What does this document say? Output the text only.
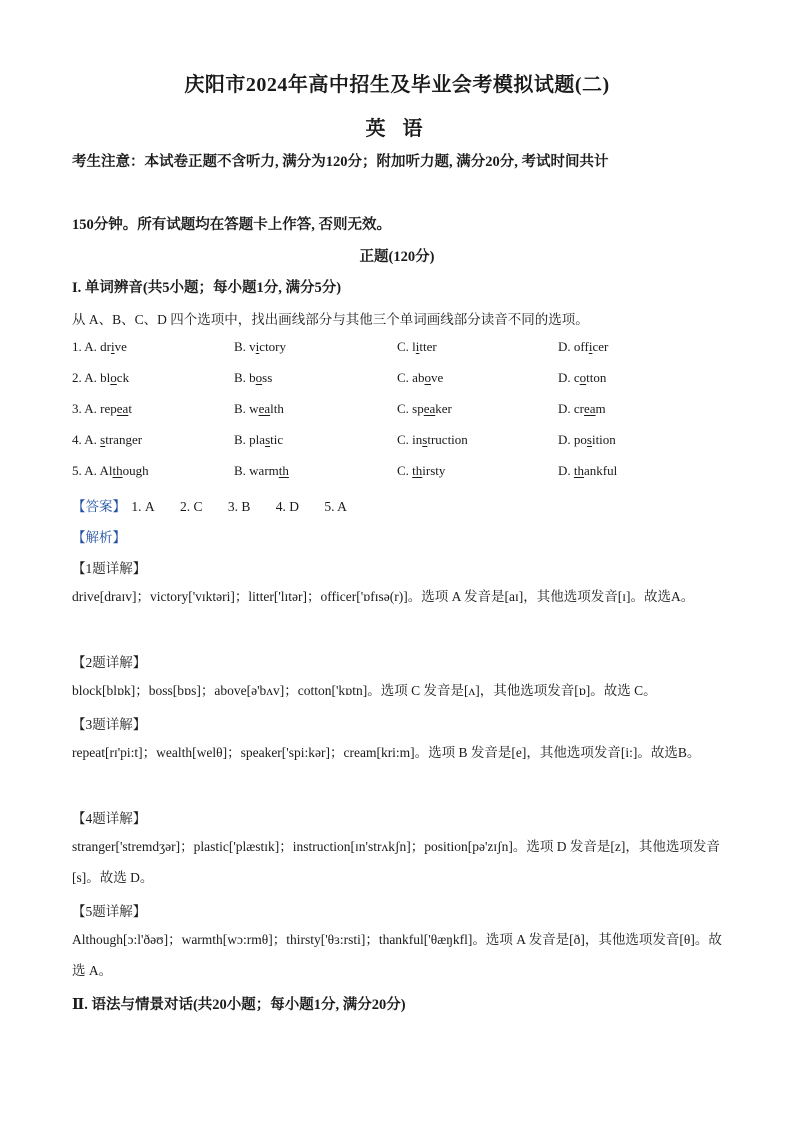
庆阳市2024年高中招生及毕业会考模拟试题(二)
英 语
考生注意：本试卷正题不含听力, 满分为120分；附加听力题, 满分20分, 考试时间共计
150分钟。所有试题均在答题卡上作答, 否则无效。
正题(120分)
I. 单词辨音(共5小题；每小题1分, 满分5分)
从 A、B、C、D 四个选项中，找出画线部分与其他三个单词画线部分读音不同的选项。
1. A. drive	B. victory	C. litter	D. officer
2. A. block	B. boss	C. above	D. cotton
3. A. repeat	B. wealth	C. speaker	D. cream
4. A. stranger	B. plastic	C. instruction	D. position
5. A. Although	B. warmth	C. thirsty	D. thankful
【答案】 1. A 2. C 3. B 4. D 5. A
【解析】
【1题详解】
drive[draɪv]；victory['vɪktəri]；litter['lɪtər]；officer['ɒfɪsə(r)]。选项 A 发音是[aɪ]，其他选项发音[ɪ]。故选A。
【2题详解】
block[blɒk]；boss[bɒs]；above[ə'bʌv]；cotton['kɒtn]。选项 C 发音是[ʌ]，其他选项发音[ɒ]。故选 C。
【3题详解】
repeat[rɪ'pi:t]；wealth[welθ]；speaker['spi:kər]；cream[kri:m]。选项 B 发音是[e]，其他选项发音[i:]。故选B。
【4题详解】
stranger['stremdʒər]；plastic['plæstɪk]；instruction[ɪn'strʌkʃn]；position[pə'zɪʃn]。选项 D 发音是[z]，其他选项发音[s]。故选 D。
【5题详解】
Although[ɔ:l'ðəʊ]；warmth[wɔ:rmθ]；thirsty['θɜ:rsti]；thankful['θæŋkfl]。选项 A 发音是[ð]，其他选项发音[θ]。故选 A。
Ⅱ. 语法与情景对话(共20小题；每小题1分, 满分20分)
